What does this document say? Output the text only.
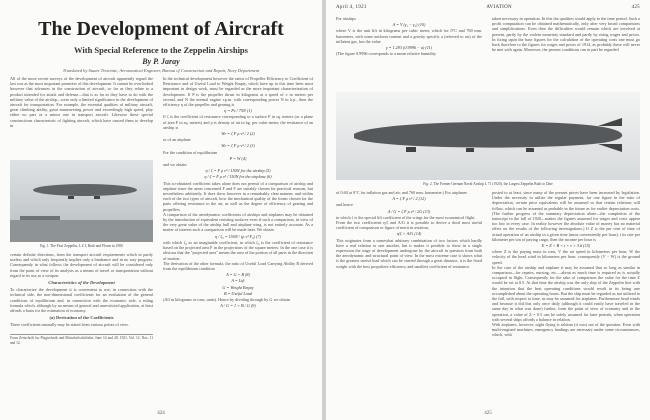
The Development of Aircraft
With Special Reference to the Zeppelin Airships
By P. Jaray
Translated by Stuart Tresonite, Aeronautical Engineer, Bureau of Construction and Repair, Navy Department
All of the more recent surveys of the development of aircraft apparently regard the last war as the most important promoter of this development. It cannot be overlooked however that advances in the construction of aircraft, so far as they relate to a product intended for attack and defense—that is as far as they have to do with the military value of the airship—were only a limited significance in the development of aircraft for transportation. For example, the essential qualities of military aircraft, great climbing ability, great maneuvering power and exceedingly high speed, play either no part or a minor one in transport aircraft. Likewise these special constructions characteristic of fighting aircraft, which have caused them to develop in
Fig. 1. The First Zeppelin, L Z I, Built and Flown in 1900
certain definite directions, from the transport aircraft requirements which in partly useless and which only frequently implies only a hindrance and in no way progress. Consequently in what follows the development of aircraft will be considered only from the point of view of its analysis as a means of travel or transportation without regard to its use as a weapon.
Characteristics of the Development
To characterize the development it is convenient to use, in connection with the technical side, the non-dimensional coefficients for an evaluation of the general conditions of equilibrium and, in connection with the economic side, a ruling formula which, although by no means of general and unrestricted application, at least affords a basis for the estimation of economy.
(a) Derivation of the Coefficients
These coefficients naturally may be stated from various points of view.
From Zeitschrift fur Flugtechnik und Motorluftschiffahrt, June 14 and 28, 1921, Vol. 12, Nos. 11 and 12.
In the technical development however the ratios of Propeller Efficiency to Coefficient of Resistance and of Useful Load to Weight Empty, which have up to this time been most important in design work, must be regarded as the more important characterization of development. If P is the propeller thrust in kilograms at a speed of v in meters per second, and N the normal engine r.p.m. with corresponding power N in h.p., then the efficiency η of the propeller and gearing is
η = Pv / 75N (1)
If ζ is the coefficient of resistance corresponding to a surface F in sq. meters (or a plane of area F in sq. meters) and ρ is density of air in kg. per cubic meter, the resistance of an airship is
Wr = ζ F ρ v² / 2 (2)
or of an airplane
Wr = ζ F ρ v² / 2 (3)
For the condition of equilibrium
P = W (4)
and we obtain
η / ζ = F ρ v³ / 150N for the airship (5)
η / ζ = F ρ v³ / 150N for the airplane (6)
This so-obtained coefficient takes alone does not permit of a comparison of airship and airplane since the areas concerned F and F are suitably chosen for practical reasons, but nevertheless arbitrarily. It does show however in a remarkably clear manner, and within each of the two types of aircraft, how the mechanical quality of the forms chosen for the parts offering resistance to the air, as well as the degree of efficiency of gearing and propellers.
A comparison of the aerodynamic coefficients of airships and airplanes may be obtained by the introduction of equivalent resisting surfaces even if such a comparison, in view of the very great value of the airship hull and airplane wing, is not entirely accurate. As a matter of interest such a comparison will be made later. We obtain
η / ζ₀ = 150N / (ρ v³ F₀) (7)
with which ζ₀ as an imaginable coefficient, in which ζ₀ is the coefficient of resistance based on the projected area F in the projections of the square meters. In the one case it is obvious that the "projected area" means the area of the portion of all parts in the direction of motion.
The derivation of the other formula, the ratio of Useful Load Carrying Ability B derived from the equilibrium condition
A = G + B (8)
A = Lift
G = Weight Empty
B = Useful Load
(All in kilograms or tons, units). Hence by dividing through by G we obtain
A / G = 1 + B / G (9)
424
April 4, 1921	AVIATION	425
For airships
A = V (γ₁ − γ₂) (10)
where V is the unit lift in kilograms per cubic meter, which for 0°C and 760 mm. barometer, with some uniform content and a gravity specific a (referred to air) of the inflation gas, has the value
γ = 1.293 (0.9996 − a) (11)
(The figure 0.9996 corresponds to a mean relative humidity
taken necessary in operation. In this the qualities would apply to the time period. Such a profit computation can be obtained mathematically, only after very broad comparisons and simplifications. Even then the difficulties would remain which are involved at present, partly by the violent monetary standard and partly by rising wages and prices. In fixing upon the base figures for the calculation of the operating costs one must go back therefore to the figures for wages and prices of 1914, as probably these will never be met with again. Moreover, the present conditions can in part be regarded
Fig. 2. The Former German Naval Airship L 71 (1920), the Largest Zeppelin Built to Date
of 0.60 at 0°C for inflation gas and air, and 760 mm. barometer.) For airplanes
A = ζ F ρ v² / 2 (12)
and hence
A / G = ζ F ρ v² / 2G (13)
in which ζ is the special lift coefficient of the wings for the most economical flight.
From the two coefficients η/ζ and A/G it is possible to derive a third most useful coefficient of comparison or figure of merit in aviation,
η/ζ × A/G (14)
This originates from a somewhat arbitrary combination of two factors which hardly have a real relation to one another, but it makes it possible to show in a single expression the stage of development undergone by the aircraft in question from both the aerodynamic and structural point of view. In the most extreme case it shows what is the greatest useful load which can be carried through a great distance, it is the fixed weight with the best propulsive efficiency and smallest coefficient of resistance.
posted to at least, since many of the present prices have been increased by legislation. Under the necessity to utilize the regular payment, for one figure in the ratio of depreciation, certain price equivalents will be assumed so that certain relations will follow, which can be assumed as probable in the future as for earlier depreciation costs. (The further progress of the summary depreciation alone—the completion of the transcript in the fall of 1920—makes the figures assumed for wages and costs appear too low in every case. In reality however the absolute value of money has no material effect on the results of the following investigations.) If Z is the per cent of time of actual operation of an airship in a given time (must conveniently per hour), t its rate per kilometer per ton of paying cargo, then the income per hour is
E = Z × B × t × v × 3.6 (15)
where Z is the paying mass in tons, V the air speed in kilometers per hour, W the velocity of the head wind in kilometers per hour, consequently (V − W) is the ground speed.
In the case of the airship and airplane it may be assumed that so long as similar in comparison—for repairs, nursing, etc.—about as much time is required as is actually occupied in flight. Consequently for the sake of comparison the value for the time Z would be set at 0.5. At that time the airship was the only ship of the Zeppelin line with the intention that the best operating conditions would result in its being one accomplished about the operating hours. But the ship must be regarded as not utilized to the full, with respect to time, as may be assumed for airplanes. Furthermore head winds and because it did this only once daily (although it could easily have traveled in the same day in what was done) further, from the point of view of economy and in the operation, a value of Z = 0.5 can be safely assumed for later periods, when operation with several ships affords a balance in relation.
With airplanes, however, night flying is seldom (it was) out of the question. Even with multi-engined machines, emergency landings are necessary under some circumstances, which, with
425
